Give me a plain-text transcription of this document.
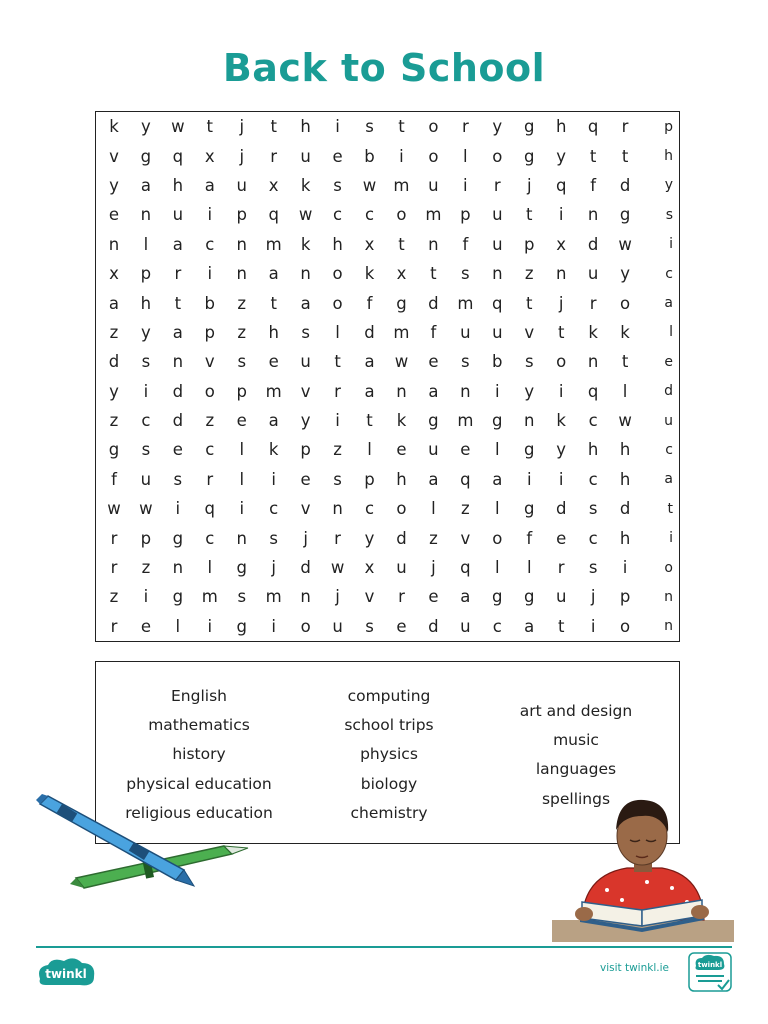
Back to School
k	y	w	t	j	t	h	i	s	t	o	r	y	g	h	q	r	p
v	g	q	x	j	r	u	e	b	i	o	l	o	g	y	t	t	h
y	a	h	a	u	x	k	s	w	m	u	i	r	j	q	f	d	y
e	n	u	i	p	q	w	c	c	o	m	p	u	t	i	n	g	s
n	l	a	c	n	m	k	h	x	t	n	f	u	p	x	d	w	i
x	p	r	i	n	a	n	o	k	x	t	s	n	z	n	u	y	c
a	h	t	b	z	t	a	o	f	g	d	m	q	t	j	r	o	a
z	y	a	p	z	h	s	l	d	m	f	u	u	v	t	k	k	l
d	s	n	v	s	e	u	t	a	w	e	s	b	s	o	n	t	e
y	i	d	o	p	m	v	r	a	n	a	n	i	y	i	q	l	d
z	c	d	z	e	a	y	i	t	k	g	m	g	n	k	c	w	u
g	s	e	c	l	k	p	z	l	e	u	e	l	g	y	h	h	c
f	u	s	r	l	i	e	s	p	h	a	q	a	i	i	c	h	a
w	w	i	q	i	c	v	n	c	o	l	z	l	g	d	s	d	t
r	p	g	c	n	s	j	r	y	d	z	v	o	f	e	c	h	i
r	z	n	l	g	j	d	w	x	u	j	q	l	l	r	s	i	o
z	i	g	m	s	m	n	j	v	r	e	a	g	g	u	j	p	n
r	e	l	i	g	i	o	u	s	e	d	u	c	a	t	i	o	n
English
mathematics
history
physical education
religious education
computing
school trips
physics
biology
chemistry
art and design
music
languages
spellings
twinkl	visit twinkl.ie	twinkl
